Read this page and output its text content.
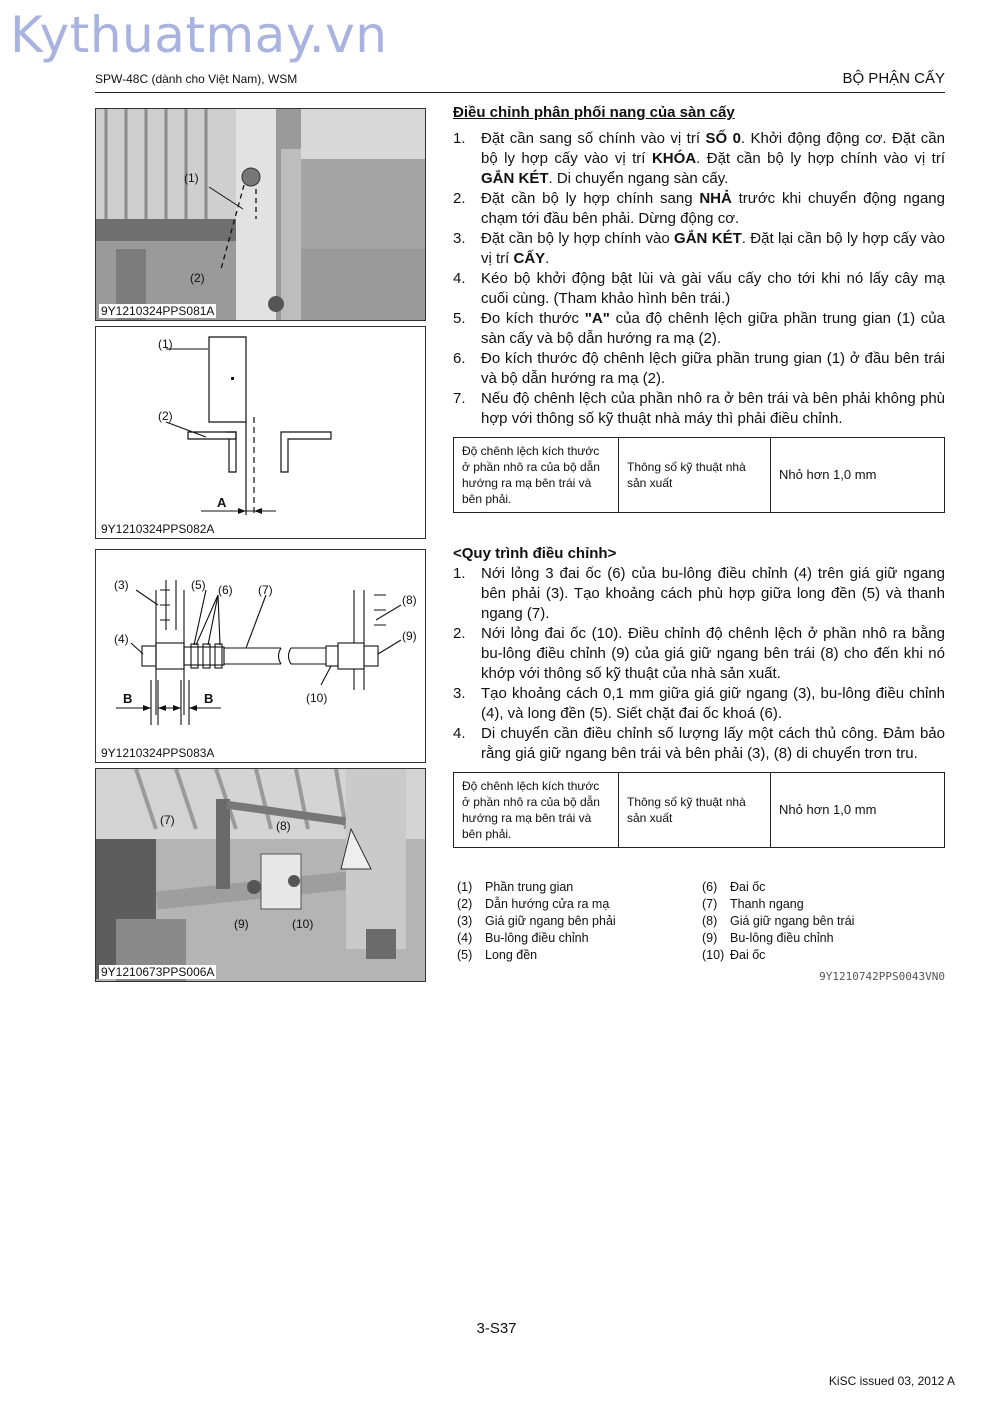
Kythuatmay.vn
SPW-48C (dành cho Việt Nam), WSM	BỘ PHẬN CẤY
(1)
(2)
9Y1210324PPS081A
(1)
(2)
A
9Y1210324PPS082A
(3)	(5) (6) (7)
(8)
(4)	(9)
B	B	(10)
9Y1210324PPS083A
(7)	(8)
(9)	(10)
9Y1210673PPS006A
Điều chỉnh phân phối nang của sàn cấy
1. Đặt cần sang số chính vào vị trí SỐ 0. Khởi động động cơ. Đặt cần bộ ly hợp cấy vào vị trí KHÓA. Đặt cần bộ ly hợp chính vào vị trí GẮN KÉT. Di chuyển ngang sàn cấy.
2. Đặt cần bộ ly hợp chính sang NHẢ trước khi chuyển động ngang chạm tới đầu bên phải. Dừng động cơ.
3. Đặt cần bộ ly hợp chính vào GẮN KÉT. Đặt lại cần bộ ly hợp cấy vào vị trí CẤY.
4. Kéo bộ khởi động bật lùi và gài vấu cấy cho tới khi nó lấy cây mạ cuối cùng. (Tham khảo hình bên trái.)
5. Đo kích thước "A" của độ chênh lệch giữa phần trung gian (1) của sàn cấy và bộ dẫn hướng ra mạ (2).
6. Đo kích thước độ chênh lệch giữa phần trung gian (1) ở đầu bên trái và bộ dẫn hướng ra mạ (2).
7. Nếu độ chênh lệch của phần nhô ra ở bên trái và bên phải không phù hợp với thông số kỹ thuật nhà máy thì phải điều chỉnh.
Độ chênh lệch kích thước ở phần nhô ra của bộ dẫn hướng ra mạ bên trái và bên phải.	Thông số kỹ thuật nhà sản xuất	Nhỏ hơn 1,0 mm
<Quy trình điều chỉnh>
1. Nới lỏng 3 đai ốc (6) của bu-lông điều chỉnh (4) trên giá giữ ngang bên phải (3). Tạo khoảng cách phù hợp giữa long đền (5) và thanh ngang (7).
2. Nới lỏng đai ốc (10). Điều chỉnh độ chênh lệch ở phần nhô ra bằng bu-lông điều chỉnh (9) của giá giữ ngang bên trái (8) cho đến khi nó khớp với thông số kỹ thuật của nhà sản xuất.
3. Tạo khoảng cách 0,1 mm giữa giá giữ ngang (3), bu-lông điều chỉnh (4), và long đền (5). Siết chặt đai ốc khoá (6).
4. Di chuyển cần điều chỉnh số lượng lấy một cách thủ công. Đảm bảo rằng giá giữ ngang bên trái và bên phải (3), (8) di chuyển trơn tru.
Độ chênh lệch kích thước ở phần nhô ra của bộ dẫn hướng ra mạ bên trái và bên phải.	Thông số kỹ thuật nhà sản xuất	Nhỏ hơn 1,0 mm
(1)	Phần trung gian	(6)	Đai ốc
(2)	Dẫn hướng cửa ra mạ	(7)	Thanh ngang
(3)	Giá giữ ngang bên phải	(8)	Giá giữ ngang bên trái
(4)	Bu-lông điều chỉnh	(9)	Bu-lông điều chỉnh
(5)	Long đền	(10) Đai ốc
9Y1210742PPS0043VN0
3-S37
KiSC issued 03, 2012 A
